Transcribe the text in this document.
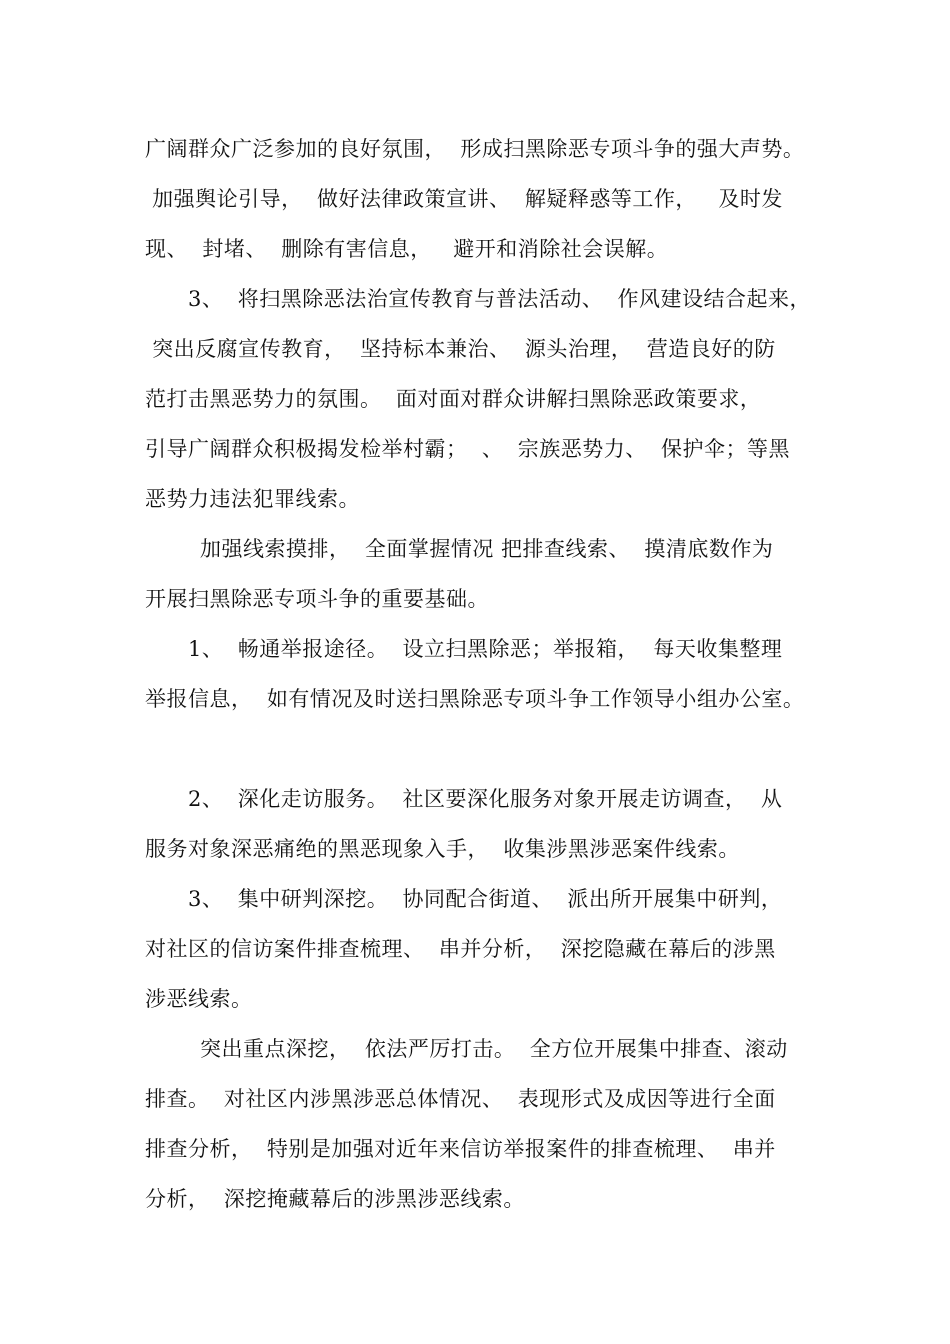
广阔群众广泛参加的良好氛围，  形成扫黑除恶专项斗争的强大声势。
加强舆论引导，  做好法律政策宣讲、  解疑释惑等工作，   及时发
现、  封堵、  删除有害信息，   避开和消除社会误解。
3、  将扫黑除恶法治宣传教育与普法活动、  作风建设结合起来，
突出反腐宣传教育，  坚持标本兼治、  源头治理，  营造良好的防
范打击黑恶势力的氛围。  面对面对群众讲解扫黑除恶政策要求，
引导广阔群众积极揭发检举村霸；  、  宗族恶势力、  保护伞；等黑
恶势力违法犯罪线索。
加强线索摸排，  全面掌握情况 把排查线索、  摸清底数作为
开展扫黑除恶专项斗争的重要基础。
1、  畅通举报途径。  设立扫黑除恶；举报箱，  每天收集整理
举报信息，  如有情况及时送扫黑除恶专项斗争工作领导小组办公室。
2、  深化走访服务。  社区要深化服务对象开展走访调查，  从
服务对象深恶痛绝的黑恶现象入手，  收集涉黑涉恶案件线索。
3、  集中研判深挖。  协同配合街道、  派出所开展集中研判，
对社区的信访案件排查梳理、  串并分析，  深挖隐藏在幕后的涉黑
涉恶线索。
突出重点深挖，  依法严厉打击。  全方位开展集中排查、滚动
排查。  对社区内涉黑涉恶总体情况、  表现形式及成因等进行全面
排查分析，  特别是加强对近年来信访举报案件的排查梳理、  串并
分析，  深挖掩藏幕后的涉黑涉恶线索。
